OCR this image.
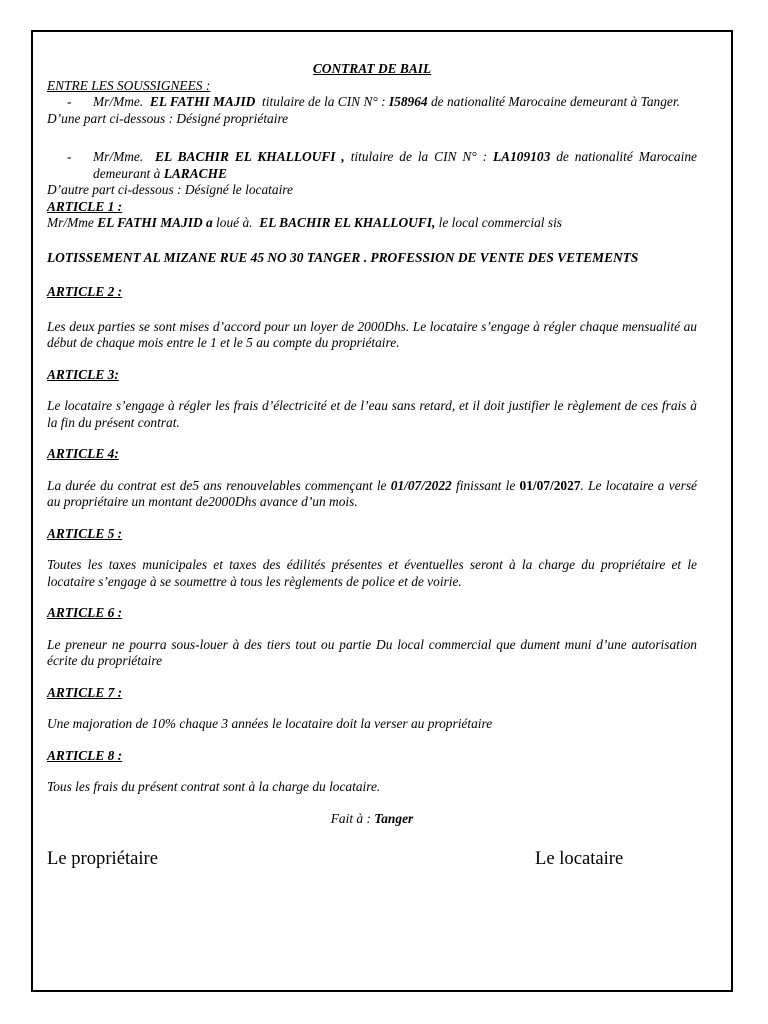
CONTRAT DE BAIL

ENTRE LES SOUSSIGNEES :

- Mr/Mme. EL FATHI MAJID titulaire de la CIN N° : I58964 de nationalité Marocaine demeurant à Tanger.

D’une part ci-dessous : Désigné propriétaire

- Mr/Mme. EL BACHIR EL KHALLOUFI , titulaire de la CIN N° : LA109103 de nationalité Marocaine demeurant à LARACHE

D’autre part ci-dessous : Désigné le locataire

ARTICLE 1 :

Mr/Mme EL FATHI MAJID a loué à. EL BACHIR EL KHALLOUFI, le local commercial sis

LOTISSEMENT AL MIZANE RUE 45 NO 30 TANGER . PROFESSION DE VENTE DES VETEMENTS

ARTICLE 2 :

Les deux parties se sont mises d’accord pour un loyer de 2000Dhs. Le locataire s’engage à régler chaque mensualité au début de chaque mois entre le 1 et le 5 au compte du propriétaire.

ARTICLE 3:

Le locataire s’engage à régler les frais d’électricité et de l’eau sans retard, et il doit justifier le règlement de ces frais à la fin du présent contrat.

ARTICLE 4:

La durée du contrat est de5 ans renouvelables commençant le 01/07/2022 finissant le 01/07/2027. Le locataire a versé au propriétaire un montant de2000Dhs avance d’un mois.

ARTICLE 5 :

Toutes les taxes municipales et taxes des édilités présentes et éventuelles seront à la charge du propriétaire et le locataire s’engage à se soumettre à tous les règlements de police et de voirie.

ARTICLE 6 :

Le preneur ne pourra sous-louer à des tiers tout ou partie Du local commercial que dument muni d’une autorisation écrite du propriétaire

ARTICLE 7 :

Une majoration de 10% chaque 3 années le locataire doit la verser au propriétaire

ARTICLE 8 :

Tous les frais du présent contrat sont à la charge du locataire.

Fait à : Tanger

Le propriétaire	Le locataire
